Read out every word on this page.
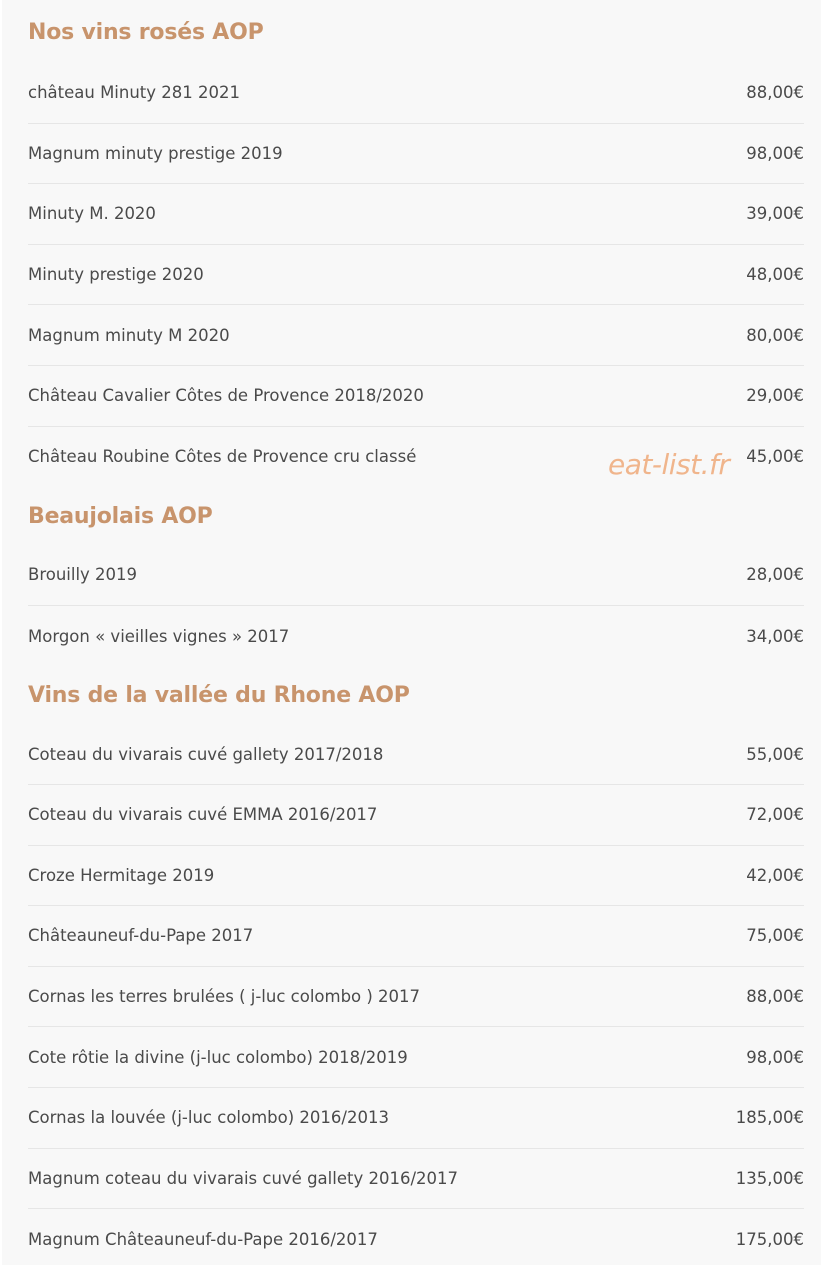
Nos vins rosés AOP
château Minuty 281 2021	88,00€
Magnum minuty prestige 2019	98,00€
Minuty M. 2020	39,00€
Minuty prestige 2020	48,00€
Magnum minuty M 2020	80,00€
Château Cavalier Côtes de Provence 2018/2020	29,00€
Château Roubine Côtes de Provence cru classé	45,00€
Beaujolais AOP
Brouilly 2019	28,00€
Morgon « vieilles vignes » 2017	34,00€
Vins de la vallée du Rhone AOP
Coteau du vivarais cuvé gallety 2017/2018	55,00€
Coteau du vivarais cuvé EMMA 2016/2017	72,00€
Croze Hermitage 2019	42,00€
Châteauneuf-du-Pape 2017	75,00€
Cornas les terres brulées ( j-luc colombo ) 2017	88,00€
Cote rôtie la divine (j-luc colombo) 2018/2019	98,00€
Cornas la louvée (j-luc colombo) 2016/2013	185,00€
Magnum coteau du vivarais cuvé gallety 2016/2017	135,00€
Magnum Châteauneuf-du-Pape 2016/2017	175,00€
eat-list.fr
